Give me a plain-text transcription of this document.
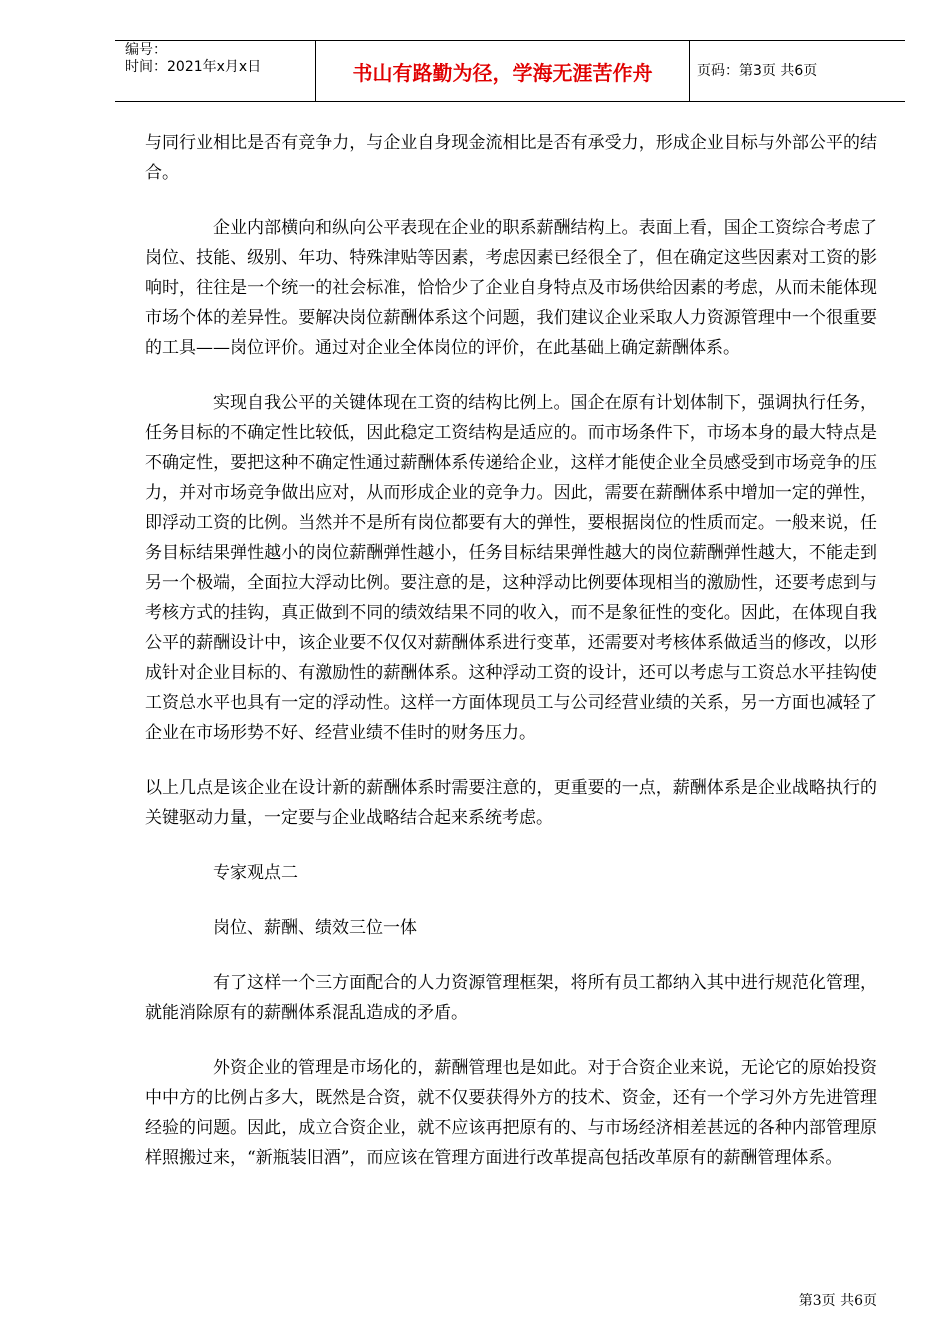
编号：
时间：2021年x月x日	书山有路勤为径，学海无涯苦作舟	页码：第3页 共6页

与同行业相比是否有竞争力，与企业自身现金流相比是否有承受力，形成企业目标与外部公平的结合。

企业内部横向和纵向公平表现在企业的职系薪酬结构上。表面上看，国企工资综合考虑了岗位、技能、级别、年功、特殊津贴等因素，考虑因素已经很全了，但在确定这些因素对工资的影响时，往往是一个统一的社会标准，恰恰少了企业自身特点及市场供给因素的考虑，从而未能体现市场个体的差异性。要解决岗位薪酬体系这个问题，我们建议企业采取人力资源管理中一个很重要的工具——岗位评价。通过对企业全体岗位的评价，在此基础上确定薪酬体系。

实现自我公平的关键体现在工资的结构比例上。国企在原有计划体制下，强调执行任务，任务目标的不确定性比较低，因此稳定工资结构是适应的。而市场条件下，市场本身的最大特点是不确定性，要把这种不确定性通过薪酬体系传递给企业，这样才能使企业全员感受到市场竞争的压力，并对市场竞争做出应对，从而形成企业的竞争力。因此，需要在薪酬体系中增加一定的弹性，即浮动工资的比例。当然并不是所有岗位都要有大的弹性，要根据岗位的性质而定。一般来说，任务目标结果弹性越小的岗位薪酬弹性越小，任务目标结果弹性越大的岗位薪酬弹性越大，不能走到另一个极端，全面拉大浮动比例。要注意的是，这种浮动比例要体现相当的激励性，还要考虑到与考核方式的挂钩，真正做到不同的绩效结果不同的收入，而不是象征性的变化。因此，在体现自我公平的薪酬设计中，该企业要不仅仅对薪酬体系进行变革，还需要对考核体系做适当的修改，以形成针对企业目标的、有激励性的薪酬体系。这种浮动工资的设计，还可以考虑与工资总水平挂钩使工资总水平也具有一定的浮动性。这样一方面体现员工与公司经营业绩的关系，另一方面也减轻了企业在市场形势不好、经营业绩不佳时的财务压力。

以上几点是该企业在设计新的薪酬体系时需要注意的，更重要的一点，薪酬体系是企业战略执行的关键驱动力量，一定要与企业战略结合起来系统考虑。

专家观点二

岗位、薪酬、绩效三位一体

有了这样一个三方面配合的人力资源管理框架，将所有员工都纳入其中进行规范化管理，就能消除原有的薪酬体系混乱造成的矛盾。

外资企业的管理是市场化的，薪酬管理也是如此。对于合资企业来说，无论它的原始投资中中方的比例占多大，既然是合资，就不仅要获得外方的技术、资金，还有一个学习外方先进管理经验的问题。因此，成立合资企业，就不应该再把原有的、与市场经济相差甚远的各种内部管理原样照搬过来，“新瓶装旧酒”，而应该在管理方面进行改革提高包括改革原有的薪酬管理体系。

第3页 共6页
